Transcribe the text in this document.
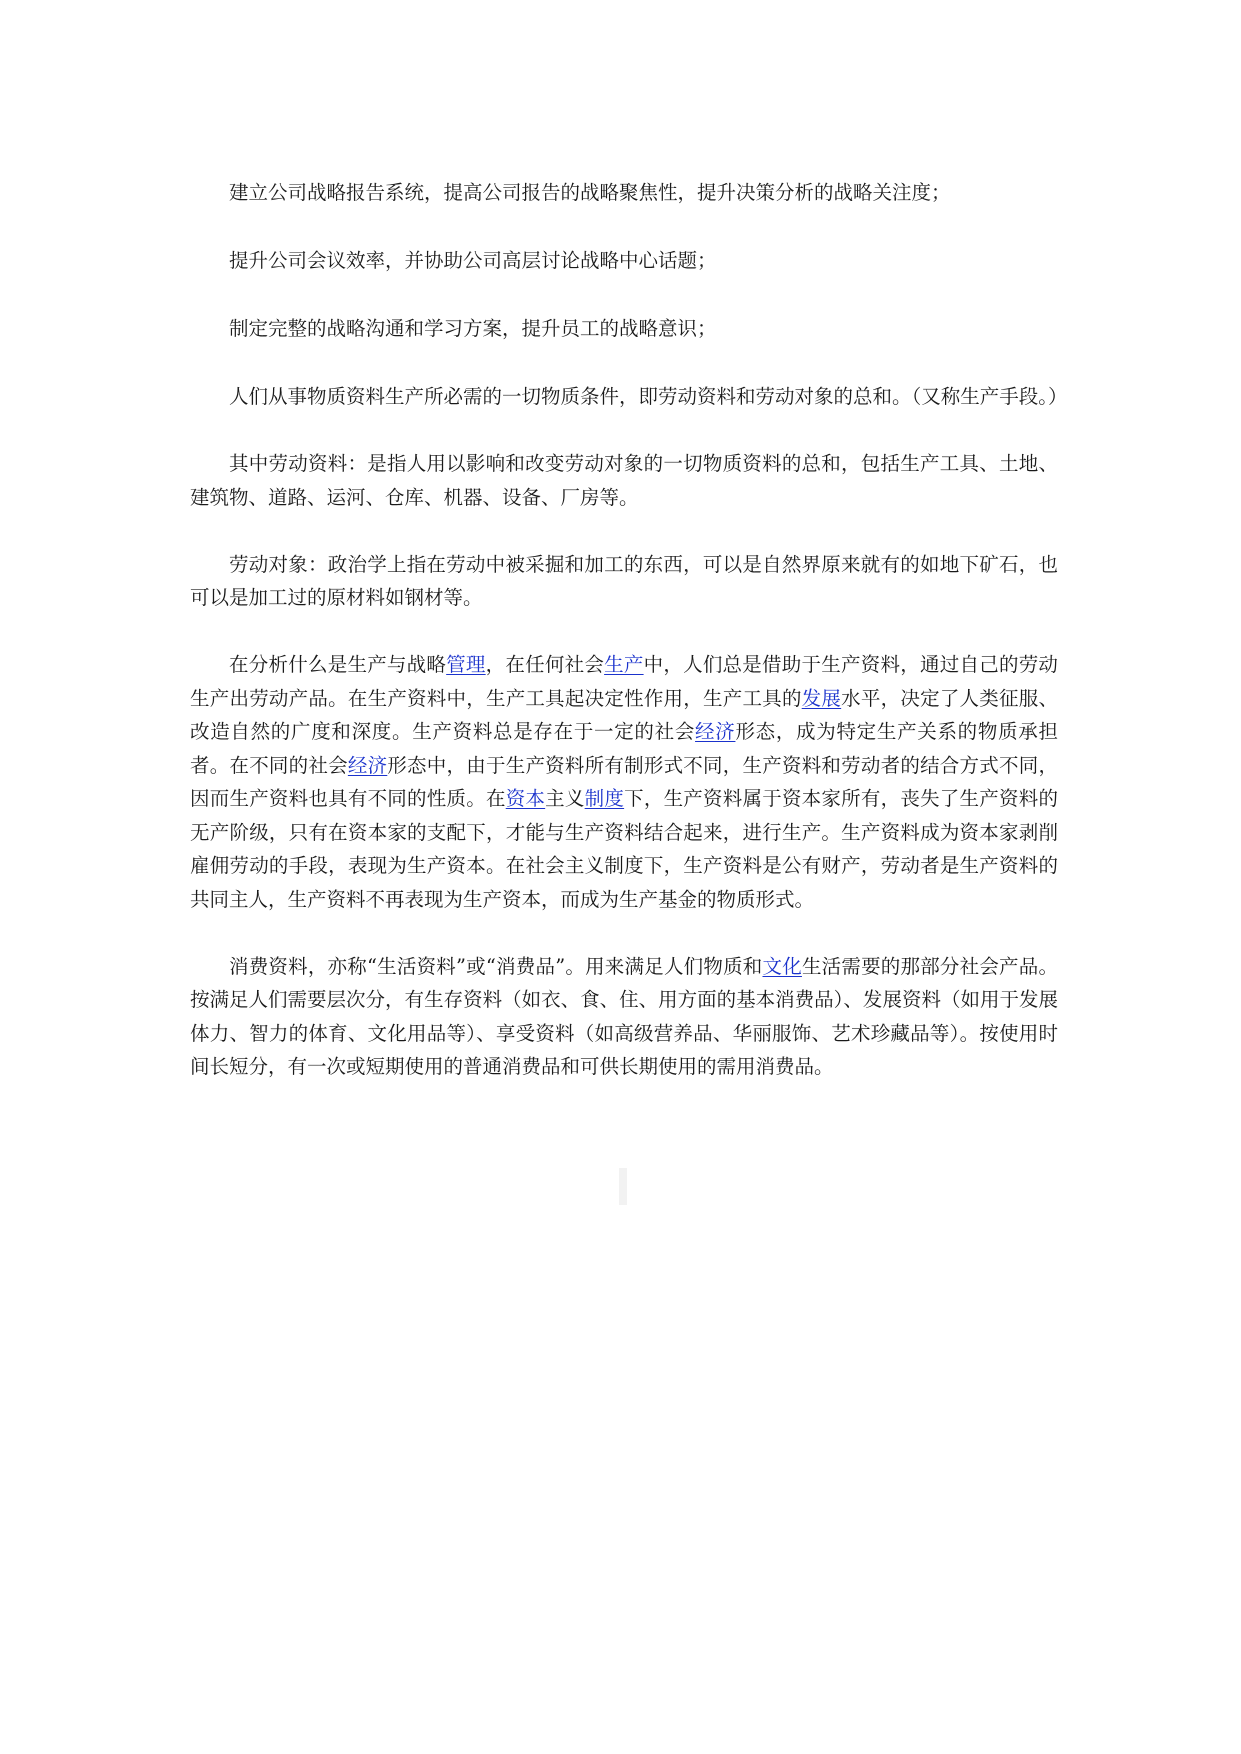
建立公司战略报告系统，提高公司报告的战略聚焦性，提升决策分析的战略关注度；

提升公司会议效率，并协助公司高层讨论战略中心话题；

制定完整的战略沟通和学习方案，提升员工的战略意识；

人们从事物质资料生产所必需的一切物质条件，即劳动资料和劳动对象的总和。（又称生产手段。）

其中劳动资料：是指人用以影响和改变劳动对象的一切物质资料的总和，包括生产工具、土地、建筑物、道路、运河、仓库、机器、设备、厂房等。

劳动对象：政治学上指在劳动中被采掘和加工的东西，可以是自然界原来就有的如地下矿石，也可以是加工过的原材料如钢材等。

在分析什么是生产与战略管理，在任何社会生产中，人们总是借助于生产资料，通过自己的劳动生产出劳动产品。在生产资料中，生产工具起决定性作用，生产工具的发展水平，决定了人类征服、改造自然的广度和深度。生产资料总是存在于一定的社会经济形态，成为特定生产关系的物质承担者。在不同的社会经济形态中，由于生产资料所有制形式不同，生产资料和劳动者的结合方式不同，因而生产资料也具有不同的性质。在资本主义制度下，生产资料属于资本家所有，丧失了生产资料的无产阶级，只有在资本家的支配下，才能与生产资料结合起来，进行生产。生产资料成为资本家剥削雇佣劳动的手段，表现为生产资本。在社会主义制度下，生产资料是公有财产，劳动者是生产资料的共同主人，生产资料不再表现为生产资本，而成为生产基金的物质形式。

消费资料，亦称“生活资料”或“消费品”。用来满足人们物质和文化生活需要的那部分社会产品。按满足人们需要层次分，有生存资料（如衣、食、住、用方面的基本消费品）、发展资料（如用于发展体力、智力的体育、文化用品等）、享受资料（如高级营养品、华丽服饰、艺术珍藏品等）。按使用时间长短分，有一次或短期使用的普通消费品和可供长期使用的需用消费品。
